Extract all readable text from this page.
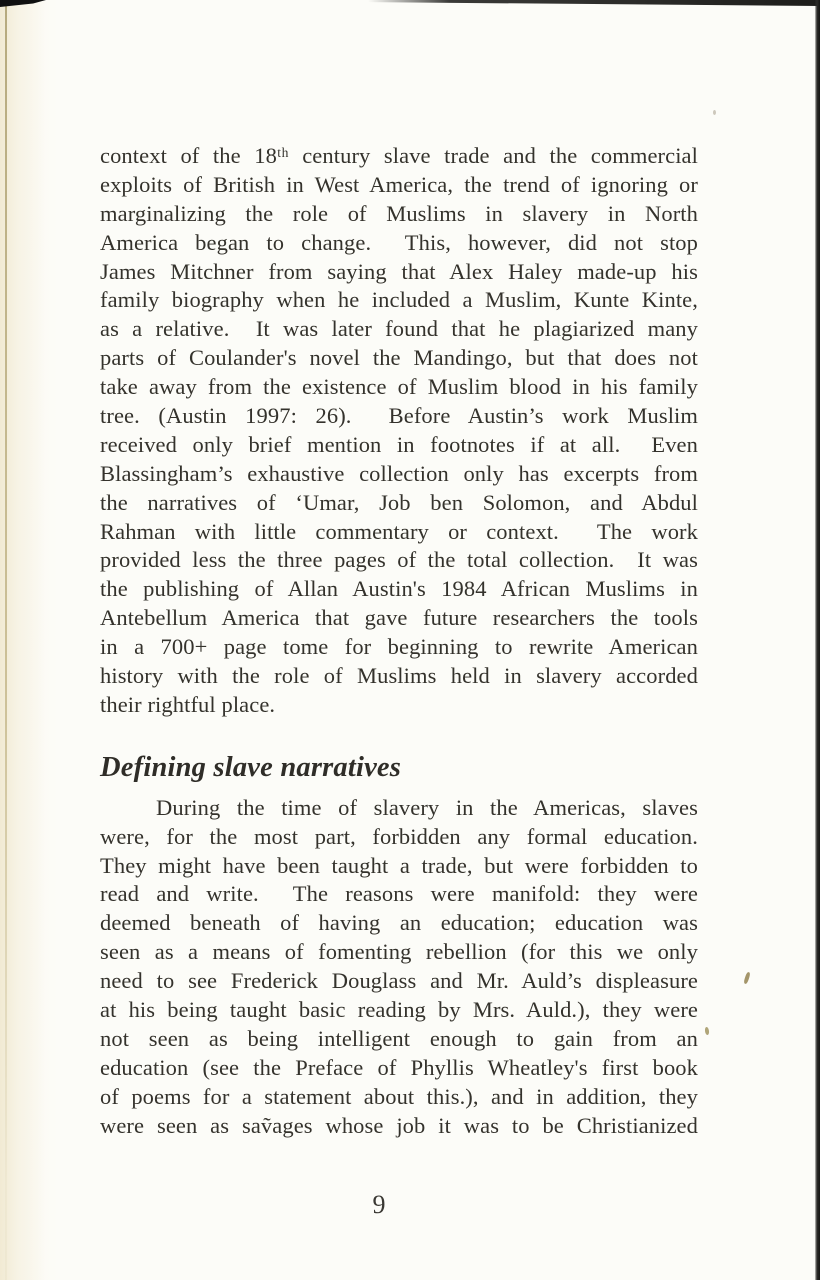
context of the 18ᵗʰ century slave trade and the commercial
exploits of British in West America, the trend of ignoring or
marginalizing the role of Muslims in slavery in North
America began to change.  This, however, did not stop
James Mitchner from saying that Alex Haley made-up his
family biography when he included a Muslim, Kunte Kinte,
as a relative.  It was later found that he plagiarized many
parts of Coulander's novel the Mandingo, but that does not
take away from the existence of Muslim blood in his family
tree. (Austin 1997: 26).  Before Austin’s work Muslim
received only brief mention in footnotes if at all.  Even
Blassingham’s exhaustive collection only has excerpts from
the narratives of ‘Umar, Job ben Solomon, and Abdul
Rahman with little commentary or context.  The work
provided less the three pages of the total collection.  It was
the publishing of Allan Austin's 1984 African Muslims in
Antebellum America that gave future researchers the tools
in a 700+ page tome for beginning to rewrite American
history with the role of Muslims held in slavery accorded
their rightful place.
Defining slave narratives
During the time of slavery in the Americas, slaves
were, for the most part, forbidden any formal education.
They might have been taught a trade, but were forbidden to
read and write.  The reasons were manifold: they were
deemed beneath of having an education; education was
seen as a means of fomenting rebellion (for this we only
need to see Frederick Douglass and Mr. Auld’s displeasure
at his being taught basic reading by Mrs. Auld.), they were
not seen as being intelligent enough to gain from an
education (see the Preface of Phyllis Wheatley's first book
of poems for a statement about this.), and in addition, they
were seen as saṽages whose job it was to be Christianized
9
